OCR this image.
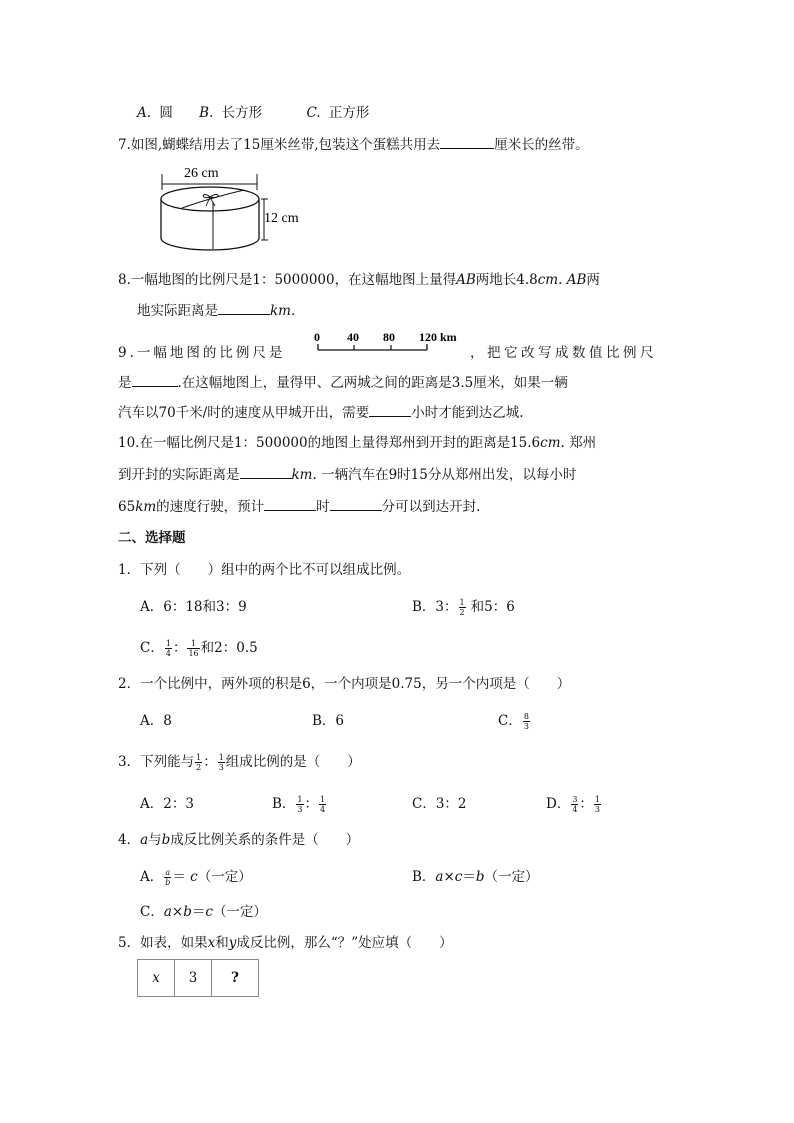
A. 圆 B. 长方形	C. 正方形
7.如图,蝴蝶结用去了15厘米丝带,包装这个蛋糕共用去	厘米长的丝带。
26 cm
12 cm
8.一幅地图的比例尺是1：5000000，在这幅地图上量得AB两地长4.8cm. AB两
地实际距离是	km.
9.一幅地图的比例尺是
0 40 80 120 km
，把它改写成数值比例尺
是	.在这幅地图上，量得甲、乙两城之间的距离是3.5厘米，如果一辆
汽车以70千米/时的速度从甲城开出，需要	小时才能到达乙城.
10.在一幅比例尺是1：500000的地图上量得郑州到开封的距离是15.6cm. 郑州
到开封的实际距离是	km. 一辆汽车在9时15分从郑州出发，以每小时
65km的速度行驶，预计	时	分可以到达开封.
二、选择题
1．下列（　　）组中的两个比不可以组成比例。
A．6：18和3：9	B．3： $\frac{1}{2}$ 和5：6
C． $\frac{1}{4}$ ： $\frac{1}{16}$ 和2：0.5
2．一个比例中，两外项的积是6，一个内项是0.75，另一个内项是（　　）
A．8	B．6	C． $\frac{8}{3}$
3．下列能与 $\frac{1}{2}$ ： $\frac{1}{3}$ 组成比例的是（　　）
A．2：3	B． $\frac{1}{3}$ ： $\frac{1}{4}$	C．3：2	D． $\frac{3}{4}$ ： $\frac{1}{3}$
4．a与b成反比例关系的条件是（　　）
A． $\frac{a}{b} = c$（一定）	B．a×c＝b（一定）
C．a×b＝c（一定）
5．如表，如果x和y成反比例，那么“？”处应填（　　）
x	3	?
